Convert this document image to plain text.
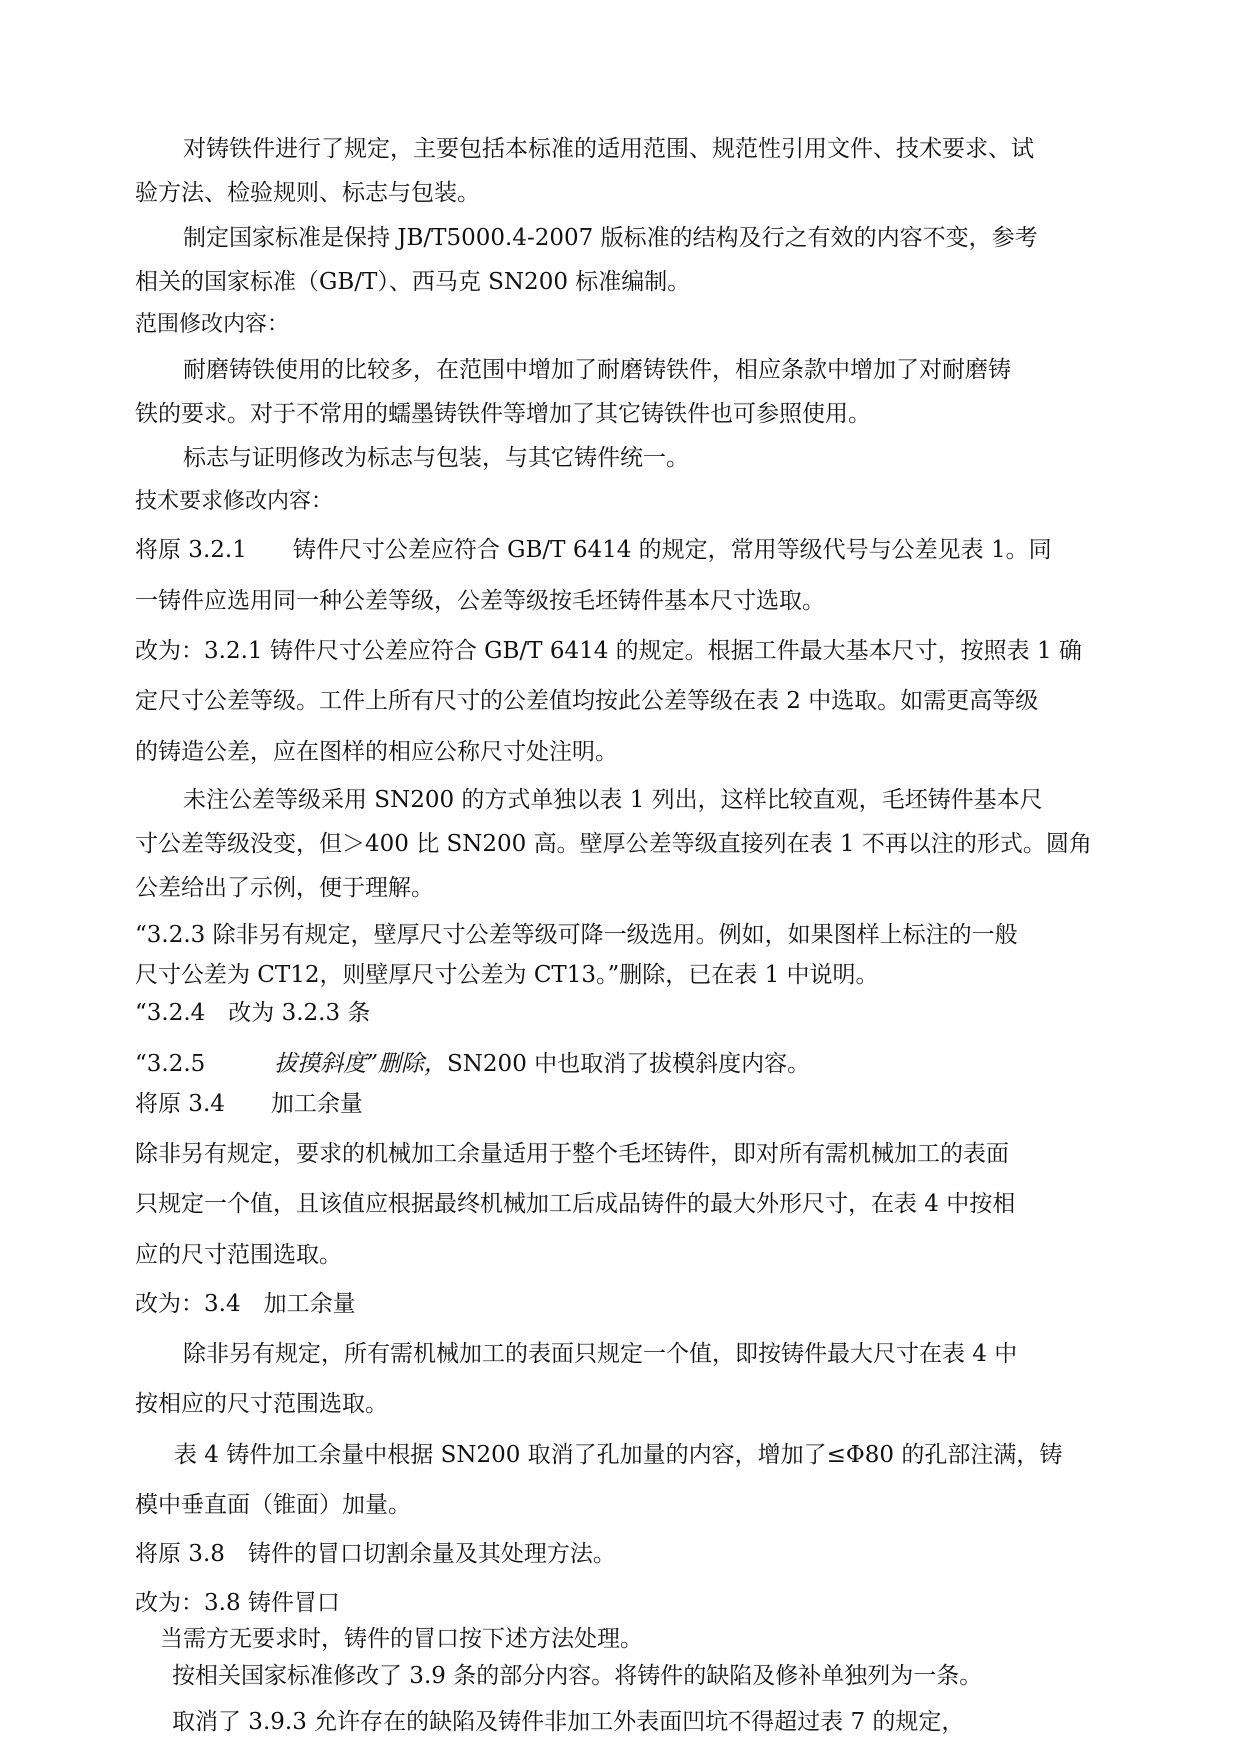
对铸铁件进行了规定，主要包括本标准的适用范围、规范性引用文件、技术要求、试

验方法、检验规则、标志与包装。

制定国家标准是保持 JB/T5000.4-2007 版标准的结构及行之有效的内容不变，参考

相关的国家标准（GB/T）、西马克 SN200 标准编制。

范围修改内容：

耐磨铸铁使用的比较多，在范围中增加了耐磨铸铁件，相应条款中增加了对耐磨铸

铁的要求。对于不常用的蠕墨铸铁件等增加了其它铸铁件也可参照使用。

标志与证明修改为标志与包装，与其它铸件统一。

技术要求修改内容：

将原 3.2.1　　铸件尺寸公差应符合 GB/T 6414 的规定，常用等级代号与公差见表 1。同

一铸件应选用同一种公差等级，公差等级按毛坯铸件基本尺寸选取。

改为：3.2.1 铸件尺寸公差应符合 GB/T 6414 的规定。根据工件最大基本尺寸，按照表 1 确

定尺寸公差等级。工件上所有尺寸的公差值均按此公差等级在表 2 中选取。如需更高等级

的铸造公差，应在图样的相应公称尺寸处注明。

未注公差等级采用 SN200 的方式单独以表 1 列出，这样比较直观，毛坯铸件基本尺

寸公差等级没变，但＞400 比 SN200 高。壁厚公差等级直接列在表 1 不再以注的形式。圆角

公差给出了示例，便于理解。

“3.2.3 除非另有规定，壁厚尺寸公差等级可降一级选用。例如，如果图样上标注的一般

尺寸公差为 CT12，则壁厚尺寸公差为 CT13。”删除，已在表 1 中说明。

“3.2.4　改为 3.2.3 条

“3.2.5　　　拔摸斜度”删除，SN200 中也取消了拔模斜度内容。

将原 3.4　　加工余量

除非另有规定，要求的机械加工余量适用于整个毛坯铸件，即对所有需机械加工的表面

只规定一个值，且该值应根据最终机械加工后成品铸件的最大外形尺寸，在表 4 中按相

应的尺寸范围选取。

改为：3.4　加工余量

除非另有规定，所有需机械加工的表面只规定一个值，即按铸件最大尺寸在表 4 中

按相应的尺寸范围选取。

表 4 铸件加工余量中根据 SN200 取消了孔加量的内容，增加了≤Φ80 的孔部注满，铸

模中垂直面（锥面）加量。

将原 3.8　铸件的冒口切割余量及其处理方法。

改为：3.8 铸件冒口

当需方无要求时，铸件的冒口按下述方法处理。

按相关国家标准修改了 3.9 条的部分内容。将铸件的缺陷及修补单独列为一条。

取消了 3.9.3 允许存在的缺陷及铸件非加工外表面凹坑不得超过表 7 的规定，
